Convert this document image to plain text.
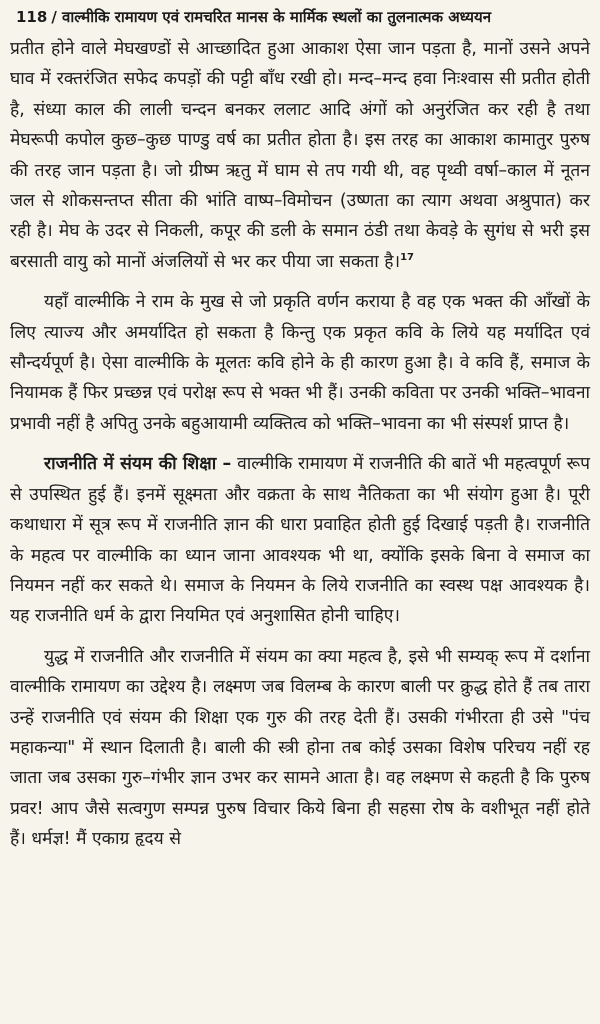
118 / वाल्मीकि रामायण एवं रामचरित मानस के मार्मिक स्थलों का तुलनात्मक अध्ययन

प्रतीत होने वाले मेघखण्डों से आच्छादित हुआ आकाश ऐसा जान पड़ता है, मानों उसने अपने घाव में रक्तरंजित सफेद कपड़ों की पट्टी बाँध रखी हो। मन्द–मन्द हवा निःश्वास सी प्रतीत होती है, संध्या काल की लाली चन्दन बनकर ललाट आदि अंगों को अनुरंजित कर रही है तथा मेघरूपी कपोल कुछ–कुछ पाण्डु वर्ष का प्रतीत होता है। इस तरह का आकाश कामातुर पुरुष की तरह जान पड़ता है। जो ग्रीष्म ऋतु में घाम से तप गयी थी, वह पृथ्वी वर्षा–काल में नूतन जल से शोकसन्तप्त सीता की भांति वाष्प–विमोचन (उष्णता का त्याग अथवा अश्रुपात) कर रही है। मेघ के उदर से निकली, कपूर की डली के समान ठंडी तथा केवड़े के सुगंध से भरी इस बरसाती वायु को मानों अंजलियों से भर कर पीया जा सकता है।$^{17}$

यहाँ वाल्मीकि ने राम के मुख से जो प्रकृति वर्णन कराया है वह एक भक्त की आँखों के लिए त्याज्य और अमर्यादित हो सकता है किन्तु एक प्रकृत कवि के लिये यह मर्यादित एवं सौन्दर्यपूर्ण है। ऐसा वाल्मीकि के मूलतः कवि होने के ही कारण हुआ है। वे कवि हैं, समाज के नियामक हैं फिर प्रच्छन्न एवं परोक्ष रूप से भक्त भी हैं। उनकी कविता पर उनकी भक्ति–भावना प्रभावी नहीं है अपितु उनके बहुआयामी व्यक्तित्व को भक्ति–भावना का भी संस्पर्श प्राप्त है।

राजनीति में संयम की शिक्षा – वाल्मीकि रामायण में राजनीति की बातें भी महत्वपूर्ण रूप से उपस्थित हुई हैं। इनमें सूक्ष्मता और वक्रता के साथ नैतिकता का भी संयोग हुआ है। पूरी कथाधारा में सूत्र रूप में राजनीति ज्ञान की धारा प्रवाहित होती हुई दिखाई पड़ती है। राजनीति के महत्व पर वाल्मीकि का ध्यान जाना आवश्यक भी था, क्योंकि इसके बिना वे समाज का नियमन नहीं कर सकते थे। समाज के नियमन के लिये राजनीति का स्वस्थ पक्ष आवश्यक है। यह राजनीति धर्म के द्वारा नियमित एवं अनुशासित होनी चाहिए।

युद्ध में राजनीति और राजनीति में संयम का क्या महत्व है, इसे भी सम्यक् रूप में दर्शाना वाल्मीकि रामायण का उद्देश्य है। लक्ष्मण जब विलम्ब के कारण बाली पर क्रुद्ध होते हैं तब तारा उन्हें राजनीति एवं संयम की शिक्षा एक गुरु की तरह देती हैं। उसकी गंभीरता ही उसे "पंच महाकन्या" में स्थान दिलाती है। बाली की स्त्री होना तब कोई उसका विशेष परिचय नहीं रह जाता जब उसका गुरु–गंभीर ज्ञान उभर कर सामने आता है। वह लक्ष्मण से कहती है कि पुरुष प्रवर! आप जैसे सत्वगुण सम्पन्न पुरुष विचार किये बिना ही सहसा रोष के वशीभूत नहीं होते हैं। धर्मज्ञ! मैं एकाग्र हृदय से
